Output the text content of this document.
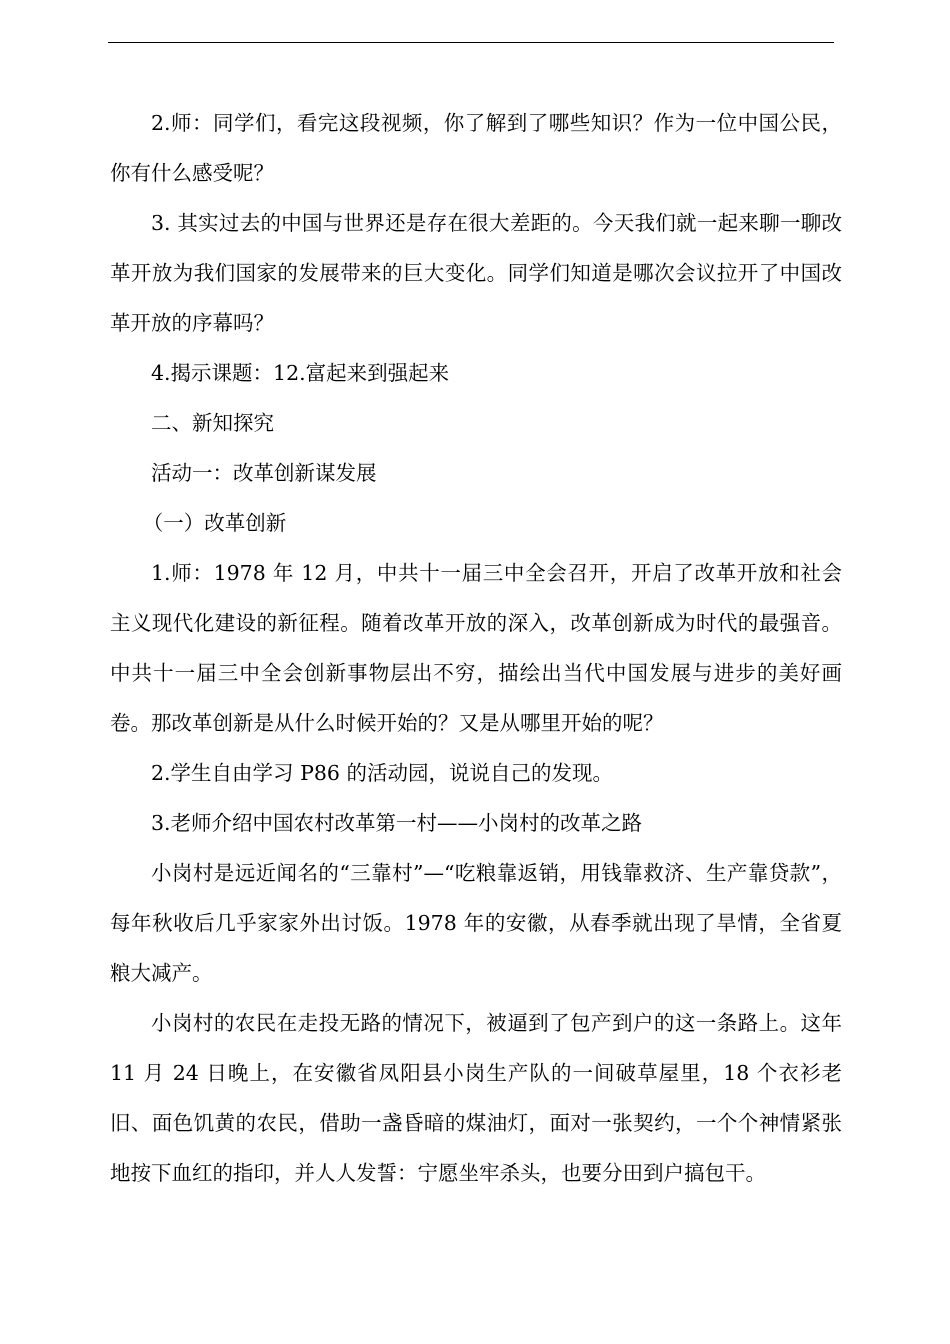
2.师：同学们，看完这段视频，你了解到了哪些知识？作为一位中国公民，你有什么感受呢？

3. 其实过去的中国与世界还是存在很大差距的。今天我们就一起来聊一聊改革开放为我们国家的发展带来的巨大变化。同学们知道是哪次会议拉开了中国改革开放的序幕吗？

4.揭示课题：12.富起来到强起来

二、新知探究

活动一：改革创新谋发展

（一）改革创新

1.师：1978 年 12 月，中共十一届三中全会召开，开启了改革开放和社会主义现代化建设的新征程。随着改革开放的深入，改革创新成为时代的最强音。中共十一届三中全会创新事物层出不穷，描绘出当代中国发展与进步的美好画卷。那改革创新是从什么时候开始的？又是从哪里开始的呢？

2.学生自由学习 P86 的活动园，说说自己的发现。

3.老师介绍中国农村改革第一村——小岗村的改革之路

小岗村是远近闻名的“三靠村”—“吃粮靠返销，用钱靠救济、生产靠贷款”，每年秋收后几乎家家外出讨饭。1978 年的安徽，从春季就出现了旱情，全省夏粮大减产。

小岗村的农民在走投无路的情况下，被逼到了包产到户的这一条路上。这年 11 月 24 日晚上，在安徽省凤阳县小岗生产队的一间破草屋里，18 个衣衫老旧、面色饥黄的农民，借助一盏昏暗的煤油灯，面对一张契约，一个个神情紧张地按下血红的指印，并人人发誓：宁愿坐牢杀头，也要分田到户搞包干。
